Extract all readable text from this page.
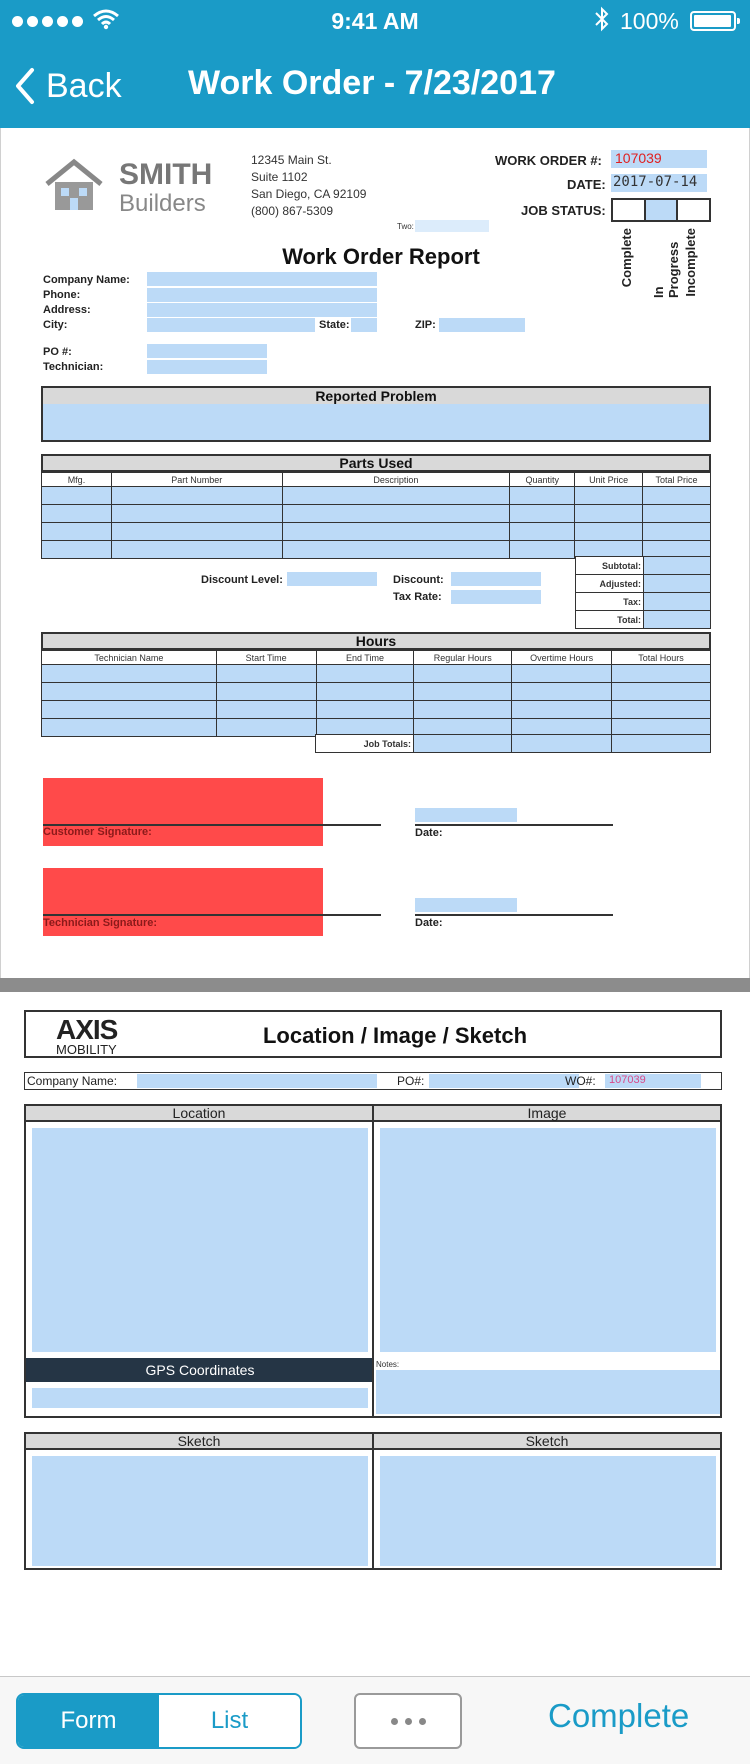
9:41 AM	100%
Back Work Order - 7/23/2017
SMITH
Builders
12345 Main St.
Suite 1102
San Diego, CA 92109
(800) 867-5309
WORK ORDER #: 107039
DATE: 2017-07-14
JOB STATUS:
Complete
In Progress Incomplete
Two:
Work Order Report
Company Name:
Phone:
Address:
City:	State:	ZIP:
PO #:
Technician:
Reported Problem
Parts Used
Mfg.	Part Number	Description	Quantity	Unit Price	Total Price

Subtotal:	
Adjusted:	
Tax:	
Total:	
Discount Level:	Discount:
Tax Rate:
Hours
Technician Name	Start Time	End Time	Regular Hours	Overtime Hours	Total Hours

Job Totals:			
Customer Signature:	Date:
Technician Signature:	Date:
AXIS
MOBILITY
Location / Image / Sketch
Company Name:	PO#:	WO#:	107039
Location	Image
GPS Coordinates	Notes:
Sketch	Sketch
Form	List	Complete
